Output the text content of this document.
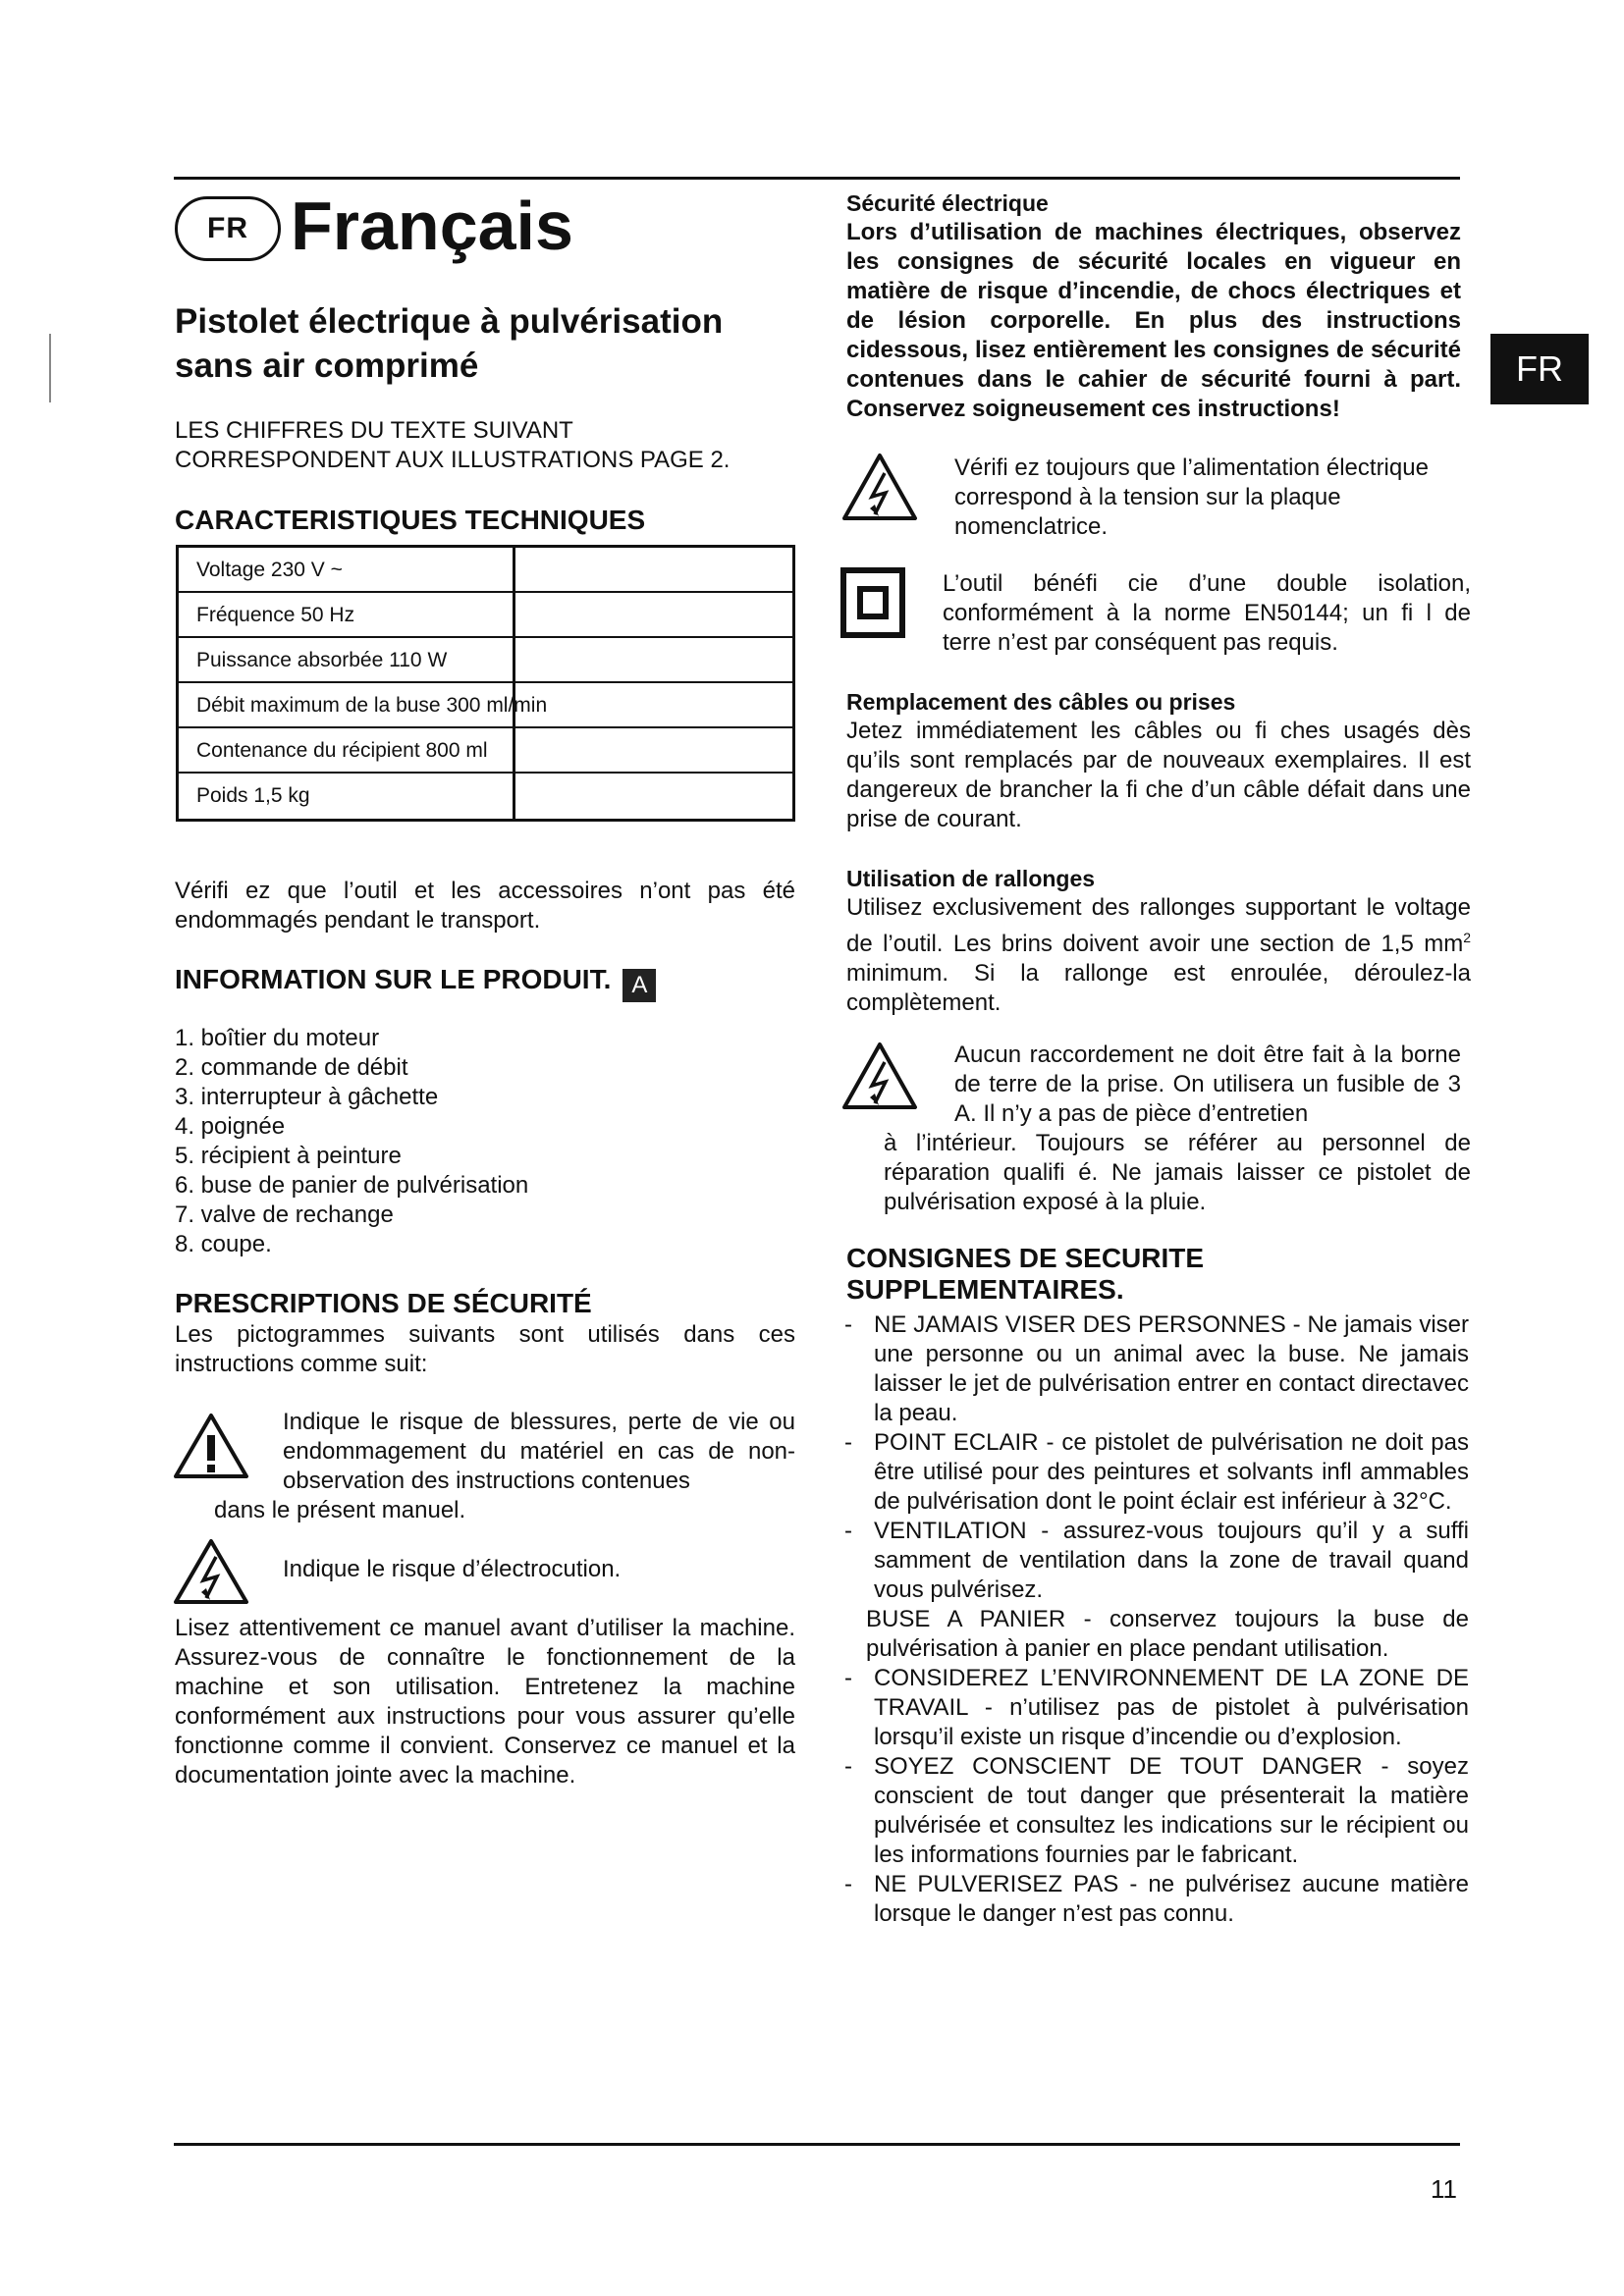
FR Français
Pistolet électrique à pulvérisation
sans air comprimé
LES CHIFFRES DU TEXTE SUIVANT
CORRESPONDENT AUX ILLUSTRATIONS PAGE 2.
CARACTERISTIQUES TECHNIQUES
Voltage 230 V ~
Fréquence 50 Hz
Puissance absorbée 110 W
Débit maximum de la buse 300 ml/min
Contenance du récipient 800 ml
Poids 1,5 kg
Vérifi ez que l’outil et les accessoires n’ont pas été endommagés pendant le transport.
INFORMATION SUR LE PRODUIT. A
1. boîtier du moteur
2. commande de débit
3. interrupteur à gâchette
4. poignée
5. récipient à peinture
6. buse de panier de pulvérisation
7. valve de rechange
8. coupe.
PRESCRIPTIONS DE SÉCURITÉ
Les pictogrammes suivants sont utilisés dans ces instructions comme suit:
Indique le risque de blessures, perte de vie ou endommagement du matériel en cas de non-observation des instructions contenues
dans le présent manuel.
Indique le risque d’électrocution.
Lisez attentivement ce manuel avant d’utiliser la machine. Assurez-vous de connaître le fonctionnement de la machine et son utilisation. Entretenez la machine conformément aux instructions pour vous assurer qu’elle fonctionne comme il convient. Conservez ce manuel et la documentation jointe avec la machine.
Sécurité électrique
Lors d’utilisation de machines électriques, observez les consignes de sécurité locales en vigueur en matière de risque d’incendie, de chocs électriques et de lésion corporelle. En plus des instructions cidessous, lisez entièrement les consignes de sécurité contenues dans le cahier de sécurité fourni à part. Conservez soigneusement ces instructions!
FR
Vérifi ez toujours que l’alimentation électrique correspond à la tension sur la plaque nomenclatrice.
L’outil bénéfi cie d’une double isolation, conformément à la norme EN50144; un fi l de terre n’est par conséquent pas requis.
Remplacement des câbles ou prises
Jetez immédiatement les câbles ou fi ches usagés dès qu’ils sont remplacés par de nouveaux exemplaires. Il est dangereux de brancher la fi che d’un câble défait dans une prise de courant.
Utilisation de rallonges
Utilisez exclusivement des rallonges supportant le voltage de l’outil. Les brins doivent avoir une section de 1,5 $mm^2$ minimum. Si la rallonge est enroulée, déroulez-la complètement.
Aucun raccordement ne doit être fait à la borne de terre de la prise. On utilisera un fusible de 3 A. Il n’y a pas de pièce d’entretien
à l’intérieur. Toujours se référer au personnel de réparation qualifi é. Ne jamais laisser ce pistolet de pulvérisation exposé à la pluie.
CONSIGNES DE SECURITE
SUPPLEMENTAIRES.
- NE JAMAIS VISER DES PERSONNES - Ne jamais viser une personne ou un animal avec la buse. Ne jamais laisser le jet de pulvérisation entrer en contact directavec la peau.
- POINT ECLAIR - ce pistolet de pulvérisation ne doit pas être utilisé pour des peintures et solvants infl ammables de pulvérisation dont le point éclair est inférieur à 32°C.
- VENTILATION - assurez-vous toujours qu’il y a suffi samment de ventilation dans la zone de travail quand vous pulvérisez.
BUSE A PANIER - conservez toujours la buse de pulvérisation à panier en place pendant utilisation.
- CONSIDEREZ L’ENVIRONNEMENT DE LA ZONE DE TRAVAIL - n’utilisez pas de pistolet à pulvérisation lorsqu’il existe un risque d’incendie ou d’explosion.
- SOYEZ CONSCIENT DE TOUT DANGER - soyez conscient de tout danger que présenterait la matière pulvérisée et consultez les indications sur le récipient ou les informations fournies par le fabricant.
- NE PULVERISEZ PAS - ne pulvérisez aucune matière lorsque le danger n’est pas connu.
11
